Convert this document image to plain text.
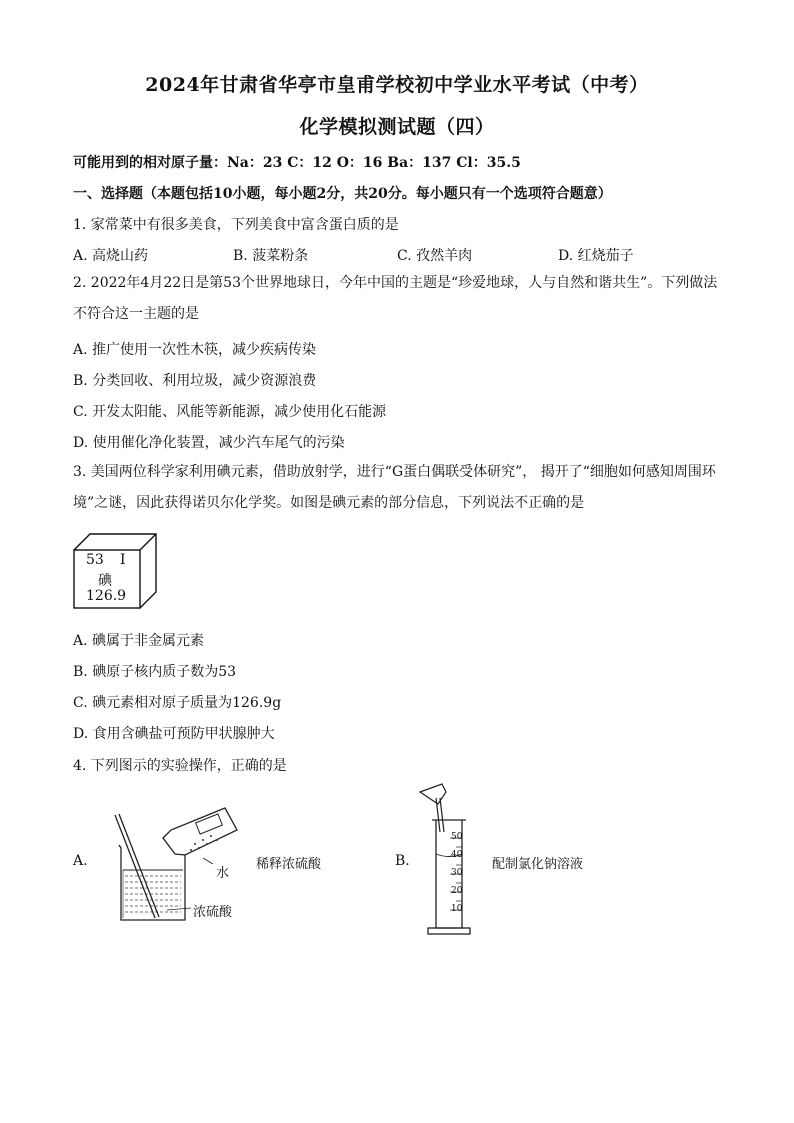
2024年甘肃省华亭市皇甫学校初中学业水平考试（中考）
化学模拟测试题（四）
可能用到的相对原子量：Na：23 C：12 O：16 Ba：137 Cl：35.5
一、选择题（本题包括10小题，每小题2分，共20分。每小题只有一个选项符合题意）
1. 家常菜中有很多美食，下列美食中富含蛋白质的是
A. 高烧山药	B. 菠菜粉条	C. 孜然羊肉	D. 红烧茄子
2. 2022年4月22日是第53个世界地球日，今年中国的主题是“珍爱地球，人与自然和谐共生”。下列做法不符合这一主题的是
A. 推广使用一次性木筷，减少疾病传染
B. 分类回收、利用垃圾，减少资源浪费
C. 开发太阳能、风能等新能源，减少使用化石能源
D. 使用催化净化装置，减少汽车尾气的污染
3. 美国两位科学家利用碘元素，借助放射学，进行“G蛋白偶联受体研究”， 揭开了“细胞如何感知周围环境”之谜，因此获得诺贝尔化学奖。如图是碘元素的部分信息，下列说法不正确的是
53 I
碘
126.9
A. 碘属于非金属元素
B. 碘原子核内质子数为53
C. 碘元素相对原子质量为126.9g
D. 食用含碘盐可预防甲状腺肿大
4. 下列图示的实验操作，正确的是
A.
水
浓硫酸
稀释浓硫酸	B.
50
40
30
20
10
配制氯化钠溶液
